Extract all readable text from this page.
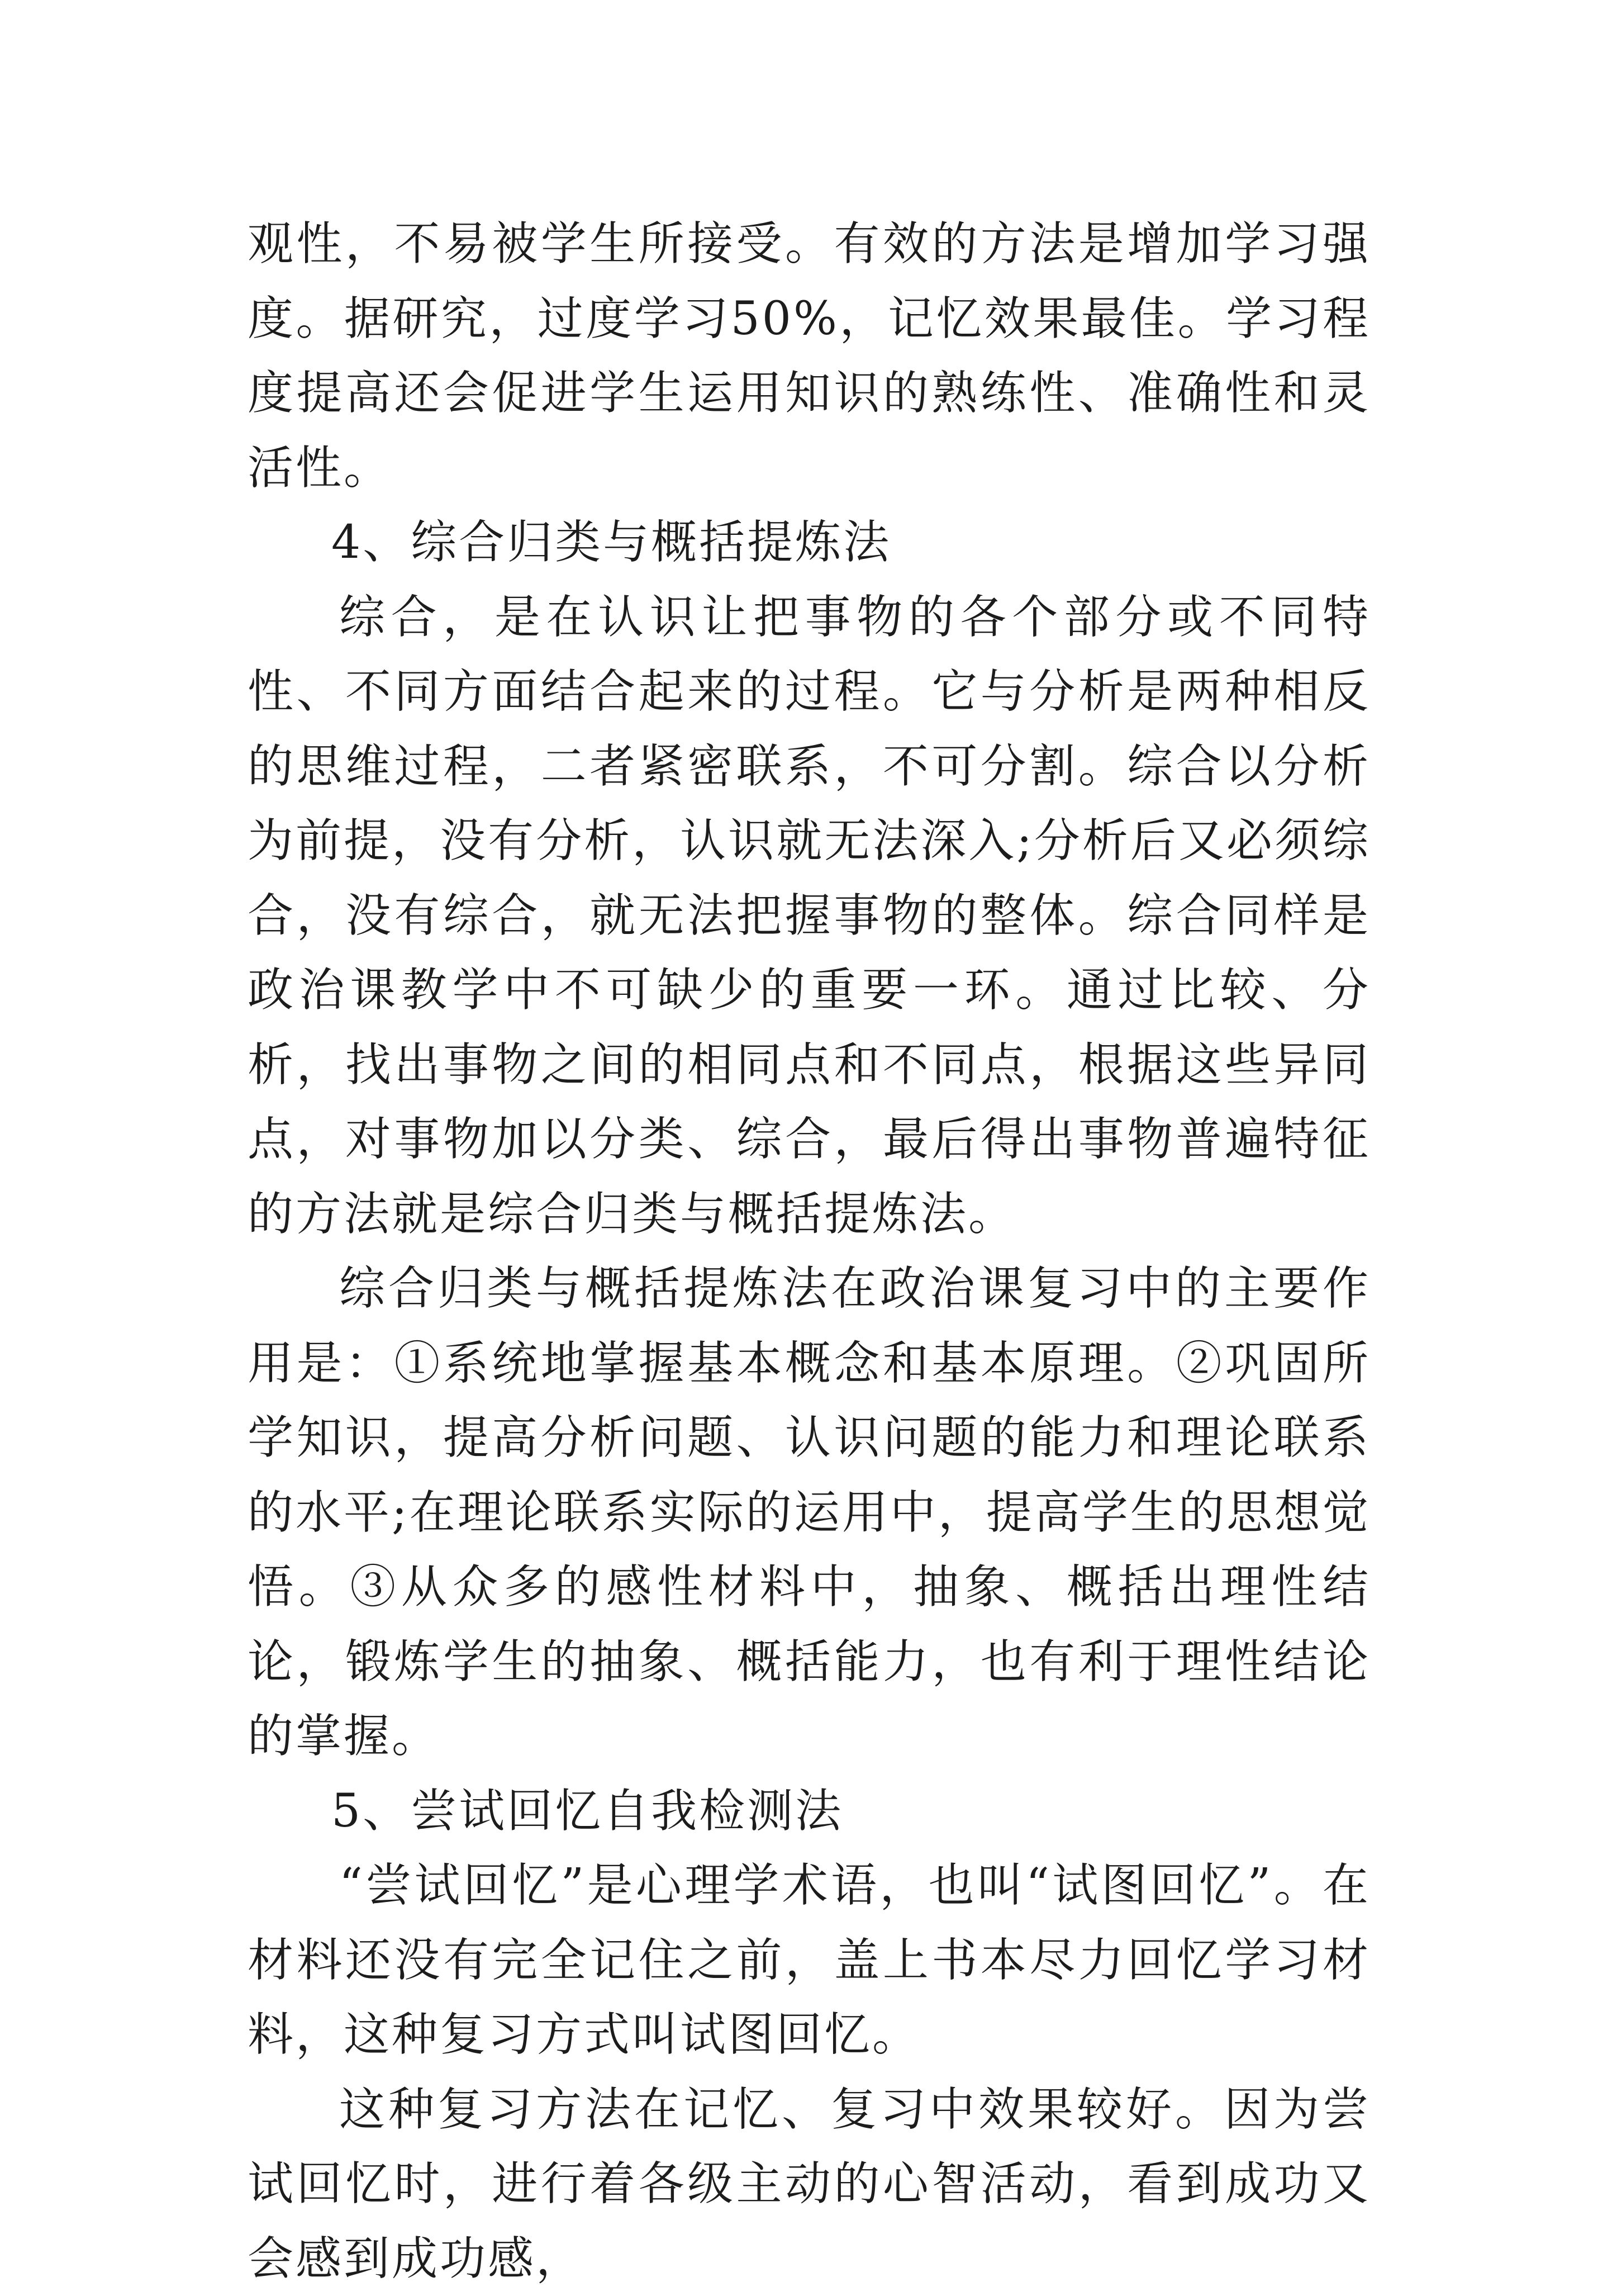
观性，不易被学生所接受。有效的方法是增加学习强度。据研究，过度学习50%，记忆效果最佳。学习程度提高还会促进学生运用知识的熟练性、准确性和灵活性。

4、综合归类与概括提炼法

综合，是在认识让把事物的各个部分或不同特性、不同方面结合起来的过程。它与分析是两种相反的思维过程，二者紧密联系，不可分割。综合以分析为前提，没有分析，认识就无法深入;分析后又必须综合，没有综合，就无法把握事物的整体。综合同样是政治课教学中不可缺少的重要一环。通过比较、分析，找出事物之间的相同点和不同点，根据这些异同点，对事物加以分类、综合，最后得出事物普遍特征的方法就是综合归类与概括提炼法。

综合归类与概括提炼法在政治课复习中的主要作用是：①系统地掌握基本概念和基本原理。②巩固所学知识，提高分析问题、认识问题的能力和理论联系的水平;在理论联系实际的运用中，提高学生的思想觉悟。③从众多的感性材料中，抽象、概括出理性结论，锻炼学生的抽象、概括能力，也有利于理性结论的掌握。

5、尝试回忆自我检测法

“尝试回忆”是心理学术语，也叫“试图回忆”。在材料还没有完全记住之前，盖上书本尽力回忆学习材料，这种复习方式叫试图回忆。

这种复习方法在记忆、复习中效果较好。因为尝试回忆时，进行着各级主动的心智活动，看到成功又会感到成功感，
